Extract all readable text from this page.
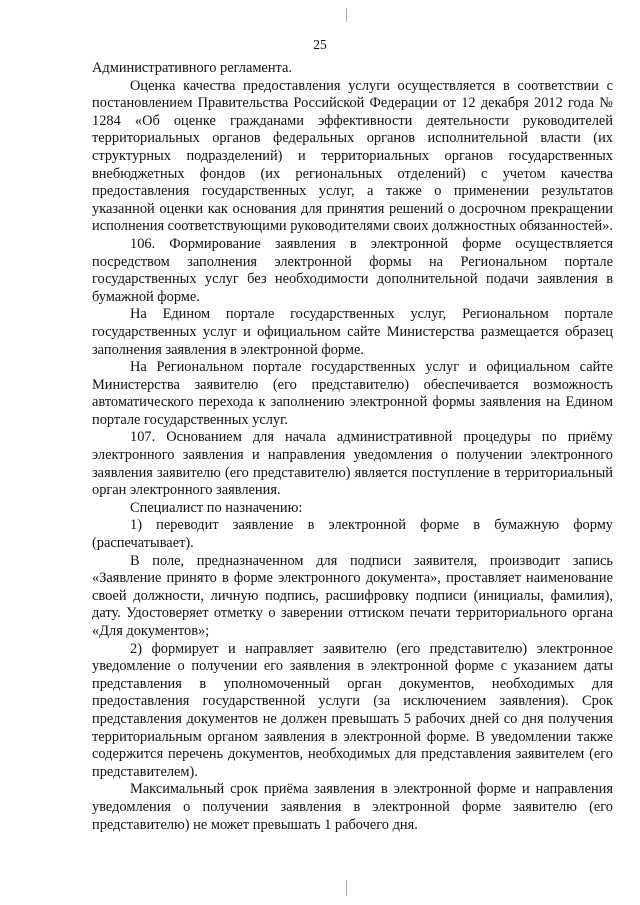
25

Административного регламента.

Оценка качества предоставления услуги осуществляется в соответствии с постановлением Правительства Российской Федерации от 12 декабря 2012 года № 1284 «Об оценке гражданами эффективности деятельности руководителей территориальных органов федеральных органов исполнительной власти (их структурных подразделений) и территориальных органов государственных внебюджетных фондов (их региональных отделений) с учетом качества предоставления государственных услуг, а также о применении результатов указанной оценки как основания для принятия решений о досрочном прекращении исполнения соответствующими руководителями своих должностных обязанностей».

106. Формирование заявления в электронной форме осуществляется посредством заполнения электронной формы на Региональном портале государственных услуг без необходимости дополнительной подачи заявления в бумажной форме.

На Едином портале государственных услуг, Региональном портале государственных услуг и официальном сайте Министерства размещается образец заполнения заявления в электронной форме.

На Региональном портале государственных услуг и официальном сайте Министерства заявителю (его представителю) обеспечивается возможность автоматического перехода к заполнению электронной формы заявления на Едином портале государственных услуг.

107. Основанием для начала административной процедуры по приёму электронного заявления и направления уведомления о получении электронного заявления заявителю (его представителю) является поступление в территориальный орган электронного заявления.

Специалист по назначению:

1) переводит заявление в электронной форме в бумажную форму (распечатывает).

В поле, предназначенном для подписи заявителя, производит запись «Заявление принято в форме электронного документа», проставляет наименование своей должности, личную подпись, расшифровку подписи (инициалы, фамилия), дату. Удостоверяет отметку о заверении оттиском печати территориального органа «Для документов»;

2) формирует и направляет заявителю (его представителю) электронное уведомление о получении его заявления в электронной форме с указанием даты представления в уполномоченный орган документов, необходимых для предоставления государственной услуги (за исключением заявления). Срок представления документов не должен превышать 5 рабочих дней со дня получения территориальным органом заявления в электронной форме. В уведомлении также содержится перечень документов, необходимых для представления заявителем (его представителем).

Максимальный срок приёма заявления в электронной форме и направления уведомления о получении заявления в электронной форме заявителю (его представителю) не может превышать 1 рабочего дня.
